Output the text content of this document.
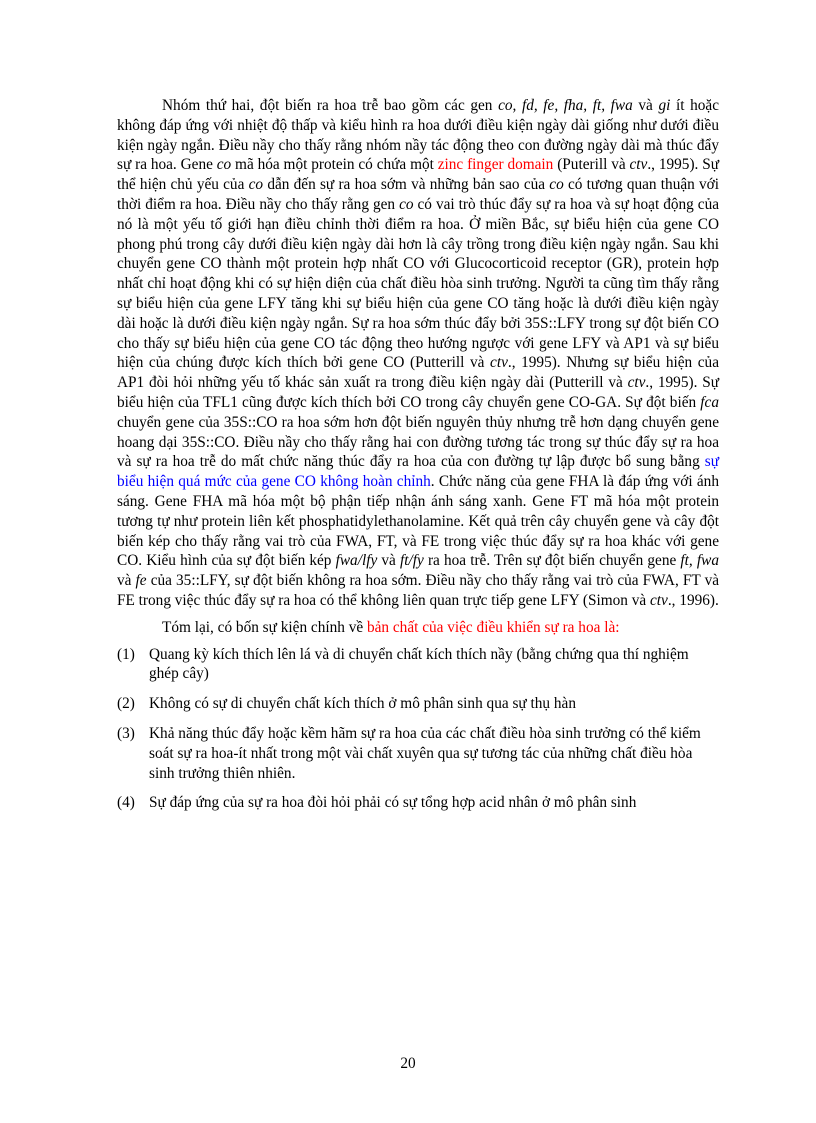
Nhóm thứ hai, đột biến ra hoa trễ bao gồm các gen co, fd, fe, fha, ft, fwa và gi ít hoặc không đáp ứng với nhiệt độ thấp và kiểu hình ra hoa dưới điều kiện ngày dài giống như dưới điều kiện ngày ngắn. Điều nầy cho thấy rằng nhóm nầy tác động theo con đường ngày dài mà thúc đẩy sự ra hoa. Gene co mã hóa một protein có chứa một zinc finger domain (Puterill và ctv., 1995). Sự thể hiện chủ yếu của co dẫn đến sự ra hoa sớm và những bản sao của co có tương quan thuận với thời điểm ra hoa. Điều nầy cho thấy rằng gen co có vai trò thúc đẩy sự ra hoa và sự hoạt động của nó là một yếu tố giới hạn điều chỉnh thời điểm ra hoa. Ở miền Bắc, sự biểu hiện của gene CO phong phú trong cây dưới điều kiện ngày dài hơn là cây trồng trong điều kiện ngày ngắn. Sau khi chuyển gene CO thành một protein hợp nhất CO với Glucocorticoid receptor (GR), protein hợp nhất chỉ hoạt động khi có sự hiện diện của chất điều hòa sinh trưởng. Người ta cũng tìm thấy rằng sự biểu hiện của gene LFY tăng khi sự biểu hiện của gene CO tăng hoặc là dưới điều kiện ngày dài hoặc là dưới điều kiện ngày ngắn. Sự ra hoa sớm thúc đẩy bởi 35S::LFY trong sự đột biến CO cho thấy sự biểu hiện của gene CO tác động theo hướng ngược với gene LFY và AP1 và sự biểu hiện của chúng được kích thích bởi gene CO (Putterill và ctv., 1995). Nhưng sự biểu hiện của AP1 đòi hỏi những yếu tố khác sản xuất ra trong điều kiện ngày dài (Putterill và ctv., 1995). Sự biểu hiện của TFL1 cũng được kích thích bởi CO trong cây chuyển gene CO-GA. Sự đột biến fca chuyển gene của 35S::CO ra hoa sớm hơn đột biến nguyên thủy nhưng trễ hơn dạng chuyển gene hoang dại 35S::CO. Điều nầy cho thấy rằng hai con đường tương tác trong sự thúc đẩy sự ra hoa và sự ra hoa trễ do mất chức năng thúc đẩy ra hoa của con đường tự lập được bổ sung bằng sự biểu hiện quá mức của gene CO không hoàn chỉnh. Chức năng của gene FHA là đáp ứng với ánh sáng. Gene FHA mã hóa một bộ phận tiếp nhận ánh sáng xanh. Gene FT mã hóa một protein tương tự như protein liên kết phosphatidylethanolamine. Kết quả trên cây chuyển gene và cây đột biến kép cho thấy rằng vai trò của FWA, FT, và FE trong việc thúc đẩy sự ra hoa khác với gene CO. Kiểu hình của sự đột biến kép fwa/lfy và ft/fy ra hoa trễ. Trên sự đột biến chuyển gene ft, fwa và fe của 35::LFY, sự đột biến không ra hoa sớm. Điều nầy cho thấy rằng vai trò của FWA, FT và FE trong việc thúc đẩy sự ra hoa có thể không liên quan trực tiếp gene LFY (Simon và ctv., 1996).

Tóm lại, có bốn sự kiện chính về bản chất của việc điều khiển sự ra hoa là:

(1) Quang kỳ kích thích lên lá và di chuyển chất kích thích nầy (bằng chứng qua thí nghiệm ghép cây)
(2) Không có sự di chuyển chất kích thích ở mô phân sinh qua sự thụ hàn
(3) Khả năng thúc đẩy hoặc kềm hãm sự ra hoa của các chất điều hòa sinh trưởng có thể kiểm soát sự ra hoa-ít nhất trong một vài chất xuyên qua sự tương tác của những chất điều hòa sinh trưởng thiên nhiên.
(4) Sự đáp ứng của sự ra hoa đòi hỏi phải có sự tổng hợp acid nhân ở mô phân sinh
20
